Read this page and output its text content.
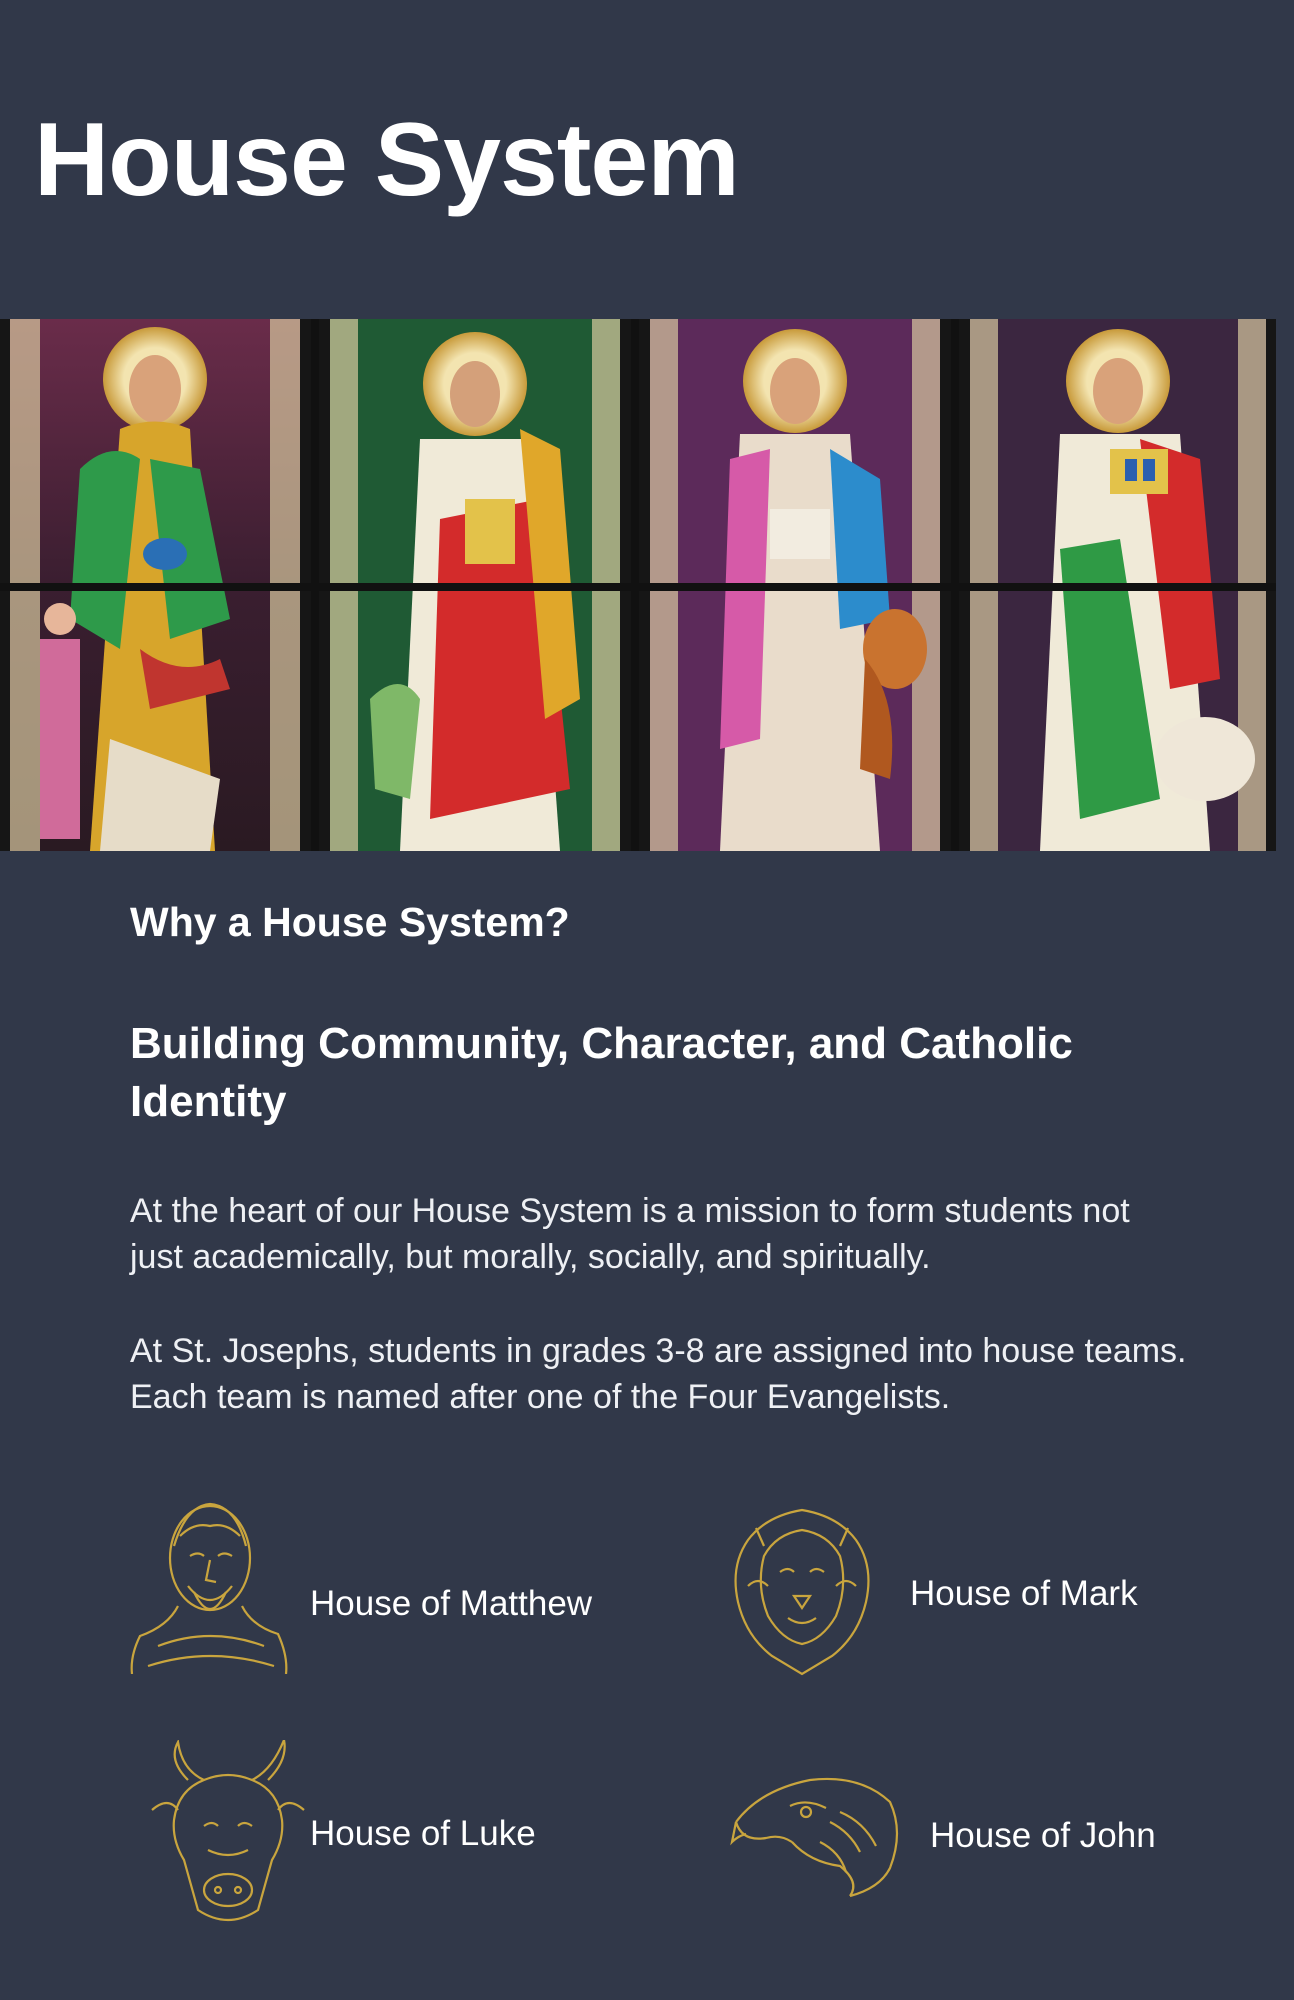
House System
Why a House System?
Building Community, Character, and Catholic Identity

At the heart of our House System is a mission to form students not just academically, but morally, socially, and spiritually.

At St. Josephs, students in grades 3-8 are assigned into house teams. Each team is named after one of the Four Evangelists.

House of Matthew	House of Mark

House of Luke	House of John
